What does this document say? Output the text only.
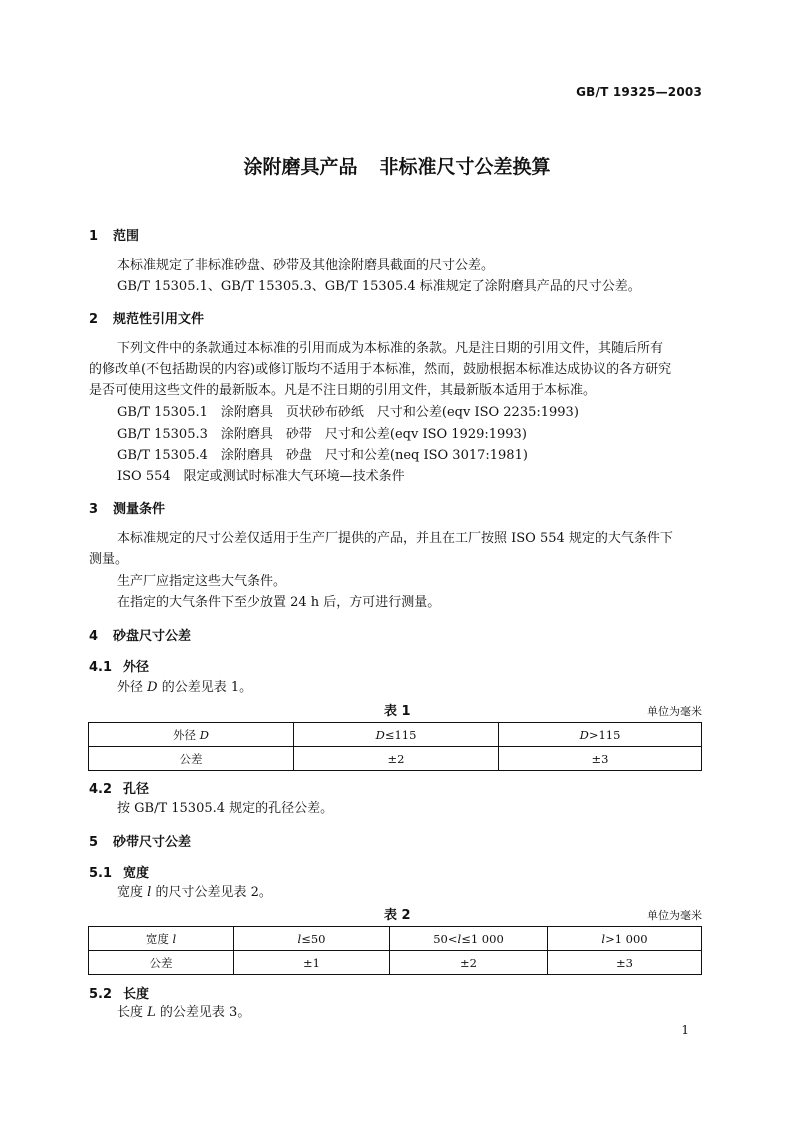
GB/T 19325—2003
涂附磨具产品 非标准尺寸公差换算
1 范围
本标准规定了非标准砂盘、砂带及其他涂附磨具截面的尺寸公差。
GB/T 15305.1、GB/T 15305.3、GB/T 15305.4 标准规定了涂附磨具产品的尺寸公差。
2 规范性引用文件
下列文件中的条款通过本标准的引用而成为本标准的条款。凡是注日期的引用文件，其随后所有
的修改单(不包括勘误的内容)或修订版均不适用于本标准，然而，鼓励根据本标准达成协议的各方研究
是否可使用这些文件的最新版本。凡是不注日期的引用文件，其最新版本适用于本标准。
GB/T 15305.1　涂附磨具　页状砂布砂纸　尺寸和公差(eqv ISO 2235:1993)
GB/T 15305.3　涂附磨具　砂带　尺寸和公差(eqv ISO 1929:1993)
GB/T 15305.4　涂附磨具　砂盘　尺寸和公差(neq ISO 3017:1981)
ISO 554　限定或测试时标准大气环境—技术条件
3 测量条件
本标准规定的尺寸公差仅适用于生产厂提供的产品，并且在工厂按照 ISO 554 规定的大气条件下
测量。
生产厂应指定这些大气条件。
在指定的大气条件下至少放置 24 h 后，方可进行测量。
4 砂盘尺寸公差
4.1 外径
外径 D 的公差见表 1。
表 1	单位为毫米
外径 D	D≤115	D>115
公差	±2	±3
4.2 孔径
按 GB/T 15305.4 规定的孔径公差。
5 砂带尺寸公差
5.1 宽度
宽度 l 的尺寸公差见表 2。
表 2	单位为毫米
宽度 l	l≤50	50<l≤1 000	l>1 000
公差	±1	±2	±3
5.2 长度
长度 L 的公差见表 3。
1
